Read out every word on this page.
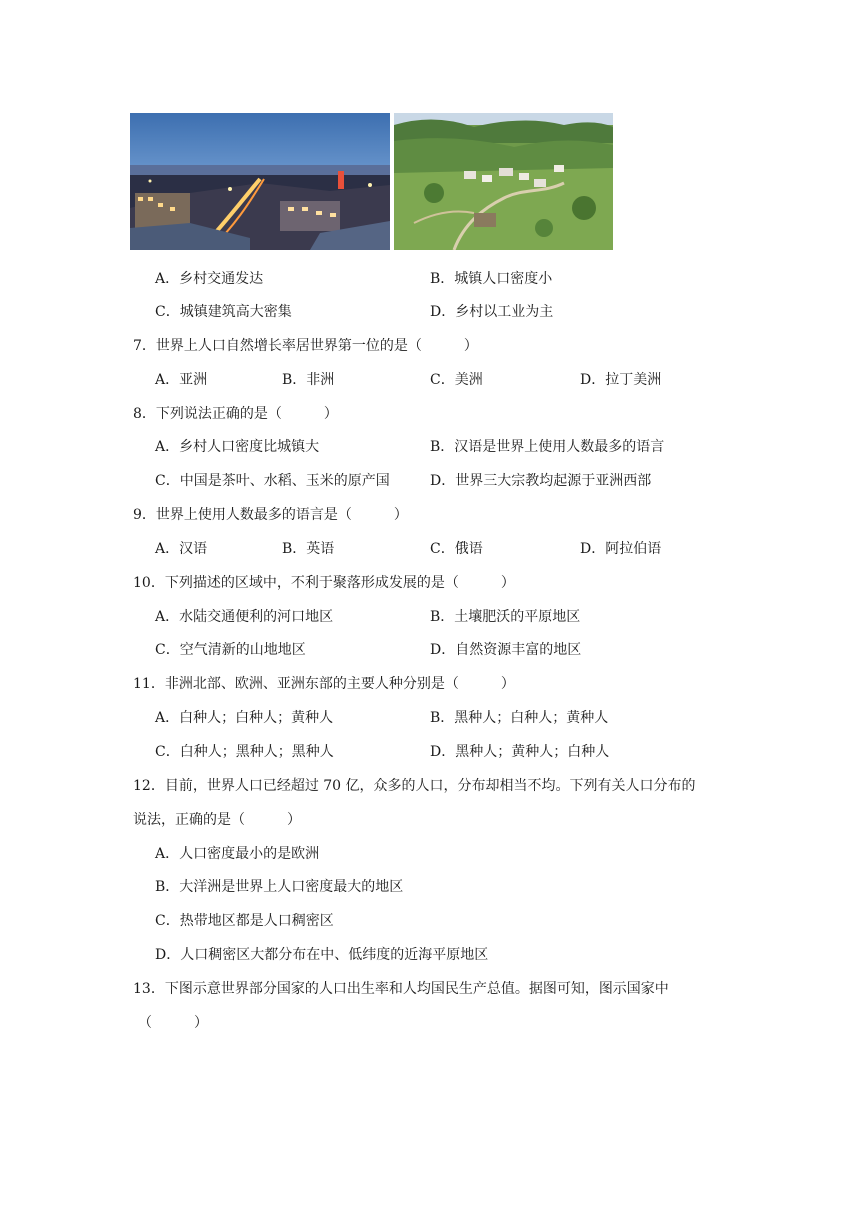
A．乡村交通发达	B．城镇人口密度小
C．城镇建筑高大密集	D．乡村以工业为主
7．世界上人口自然增长率居世界第一位的是（　　　）
A．亚洲	B．非洲	C．美洲	D．拉丁美洲
8．下列说法正确的是（　　　）
A．乡村人口密度比城镇大	B．汉语是世界上使用人数最多的语言
C．中国是茶叶、水稻、玉米的原产国	D．世界三大宗教均起源于亚洲西部
9．世界上使用人数最多的语言是（　　　）
A．汉语	B．英语	C．俄语	D．阿拉伯语
10．下列描述的区域中，不利于聚落形成发展的是（　　　）
A．水陆交通便利的河口地区	B．土壤肥沃的平原地区
C．空气清新的山地地区	D．自然资源丰富的地区
11．非洲北部、欧洲、亚洲东部的主要人种分别是（　　　）
A．白种人；白种人；黄种人	B．黑种人；白种人；黄种人
C．白种人；黑种人；黑种人	D．黑种人；黄种人；白种人
12．目前，世界人口已经超过 70 亿，众多的人口，分布却相当不均。下列有关人口分布的
说法，正确的是（　　　）
A．人口密度最小的是欧洲
B．大洋洲是世界上人口密度最大的地区
C．热带地区都是人口稠密区
D．人口稠密区大都分布在中、低纬度的近海平原地区
13．下图示意世界部分国家的人口出生率和人均国民生产总值。据图可知，图示国家中
（　　　）
